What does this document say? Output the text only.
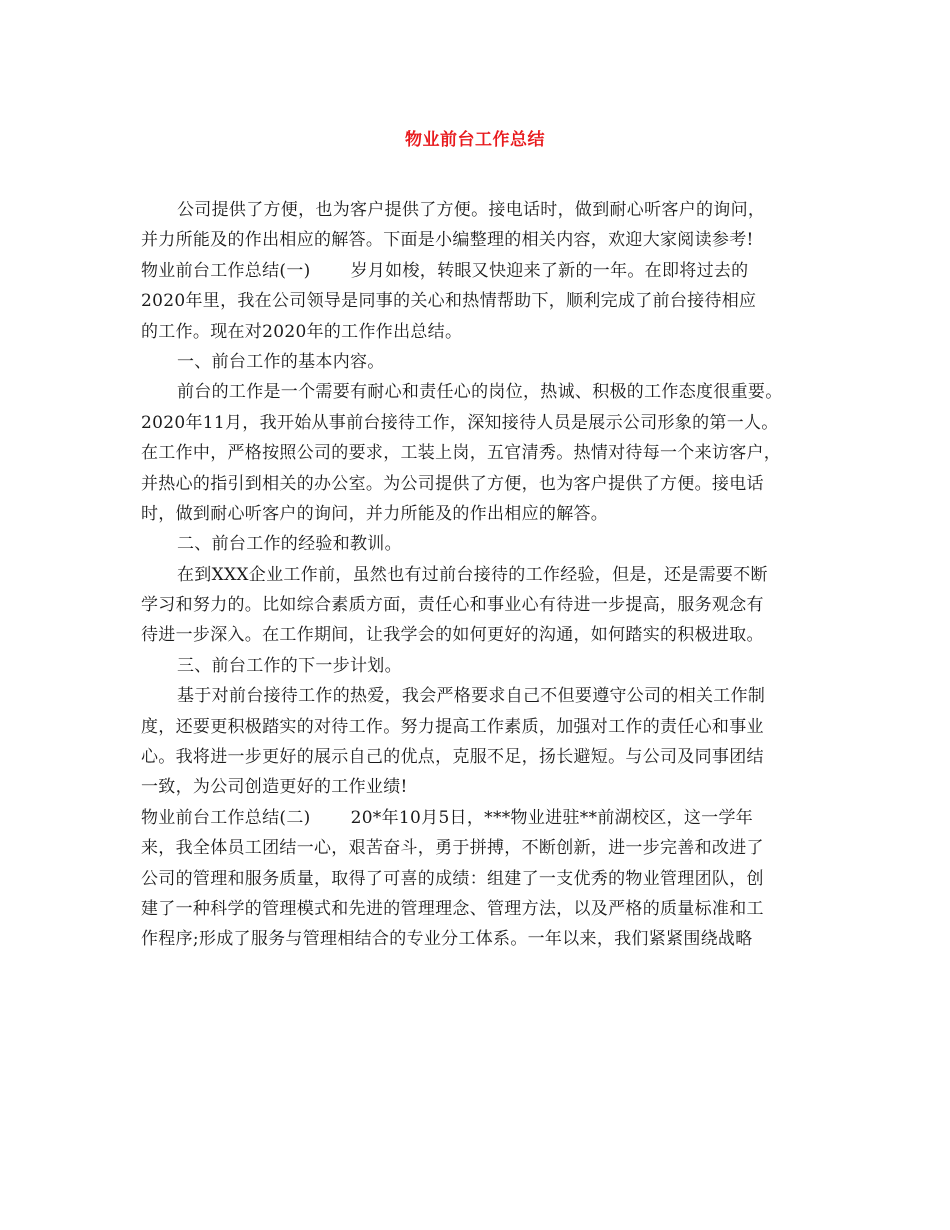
物业前台工作总结
公司提供了方便，也为客户提供了方便。接电话时，做到耐心听客户的询问，
并力所能及的作出相应的解答。下面是小编整理的相关内容，欢迎大家阅读参考!
物业前台工作总结(一) 岁月如梭，转眼又快迎来了新的一年。在即将过去的
2020年里，我在公司领导是同事的关心和热情帮助下，顺利完成了前台接待相应
的工作。现在对2020年的工作作出总结。
一、前台工作的基本内容。
前台的工作是一个需要有耐心和责任心的岗位，热诚、积极的工作态度很重要。
2020年11月，我开始从事前台接待工作，深知接待人员是展示公司形象的第一人。
在工作中，严格按照公司的要求，工装上岗，五官清秀。热情对待每一个来访客户，
并热心的指引到相关的办公室。为公司提供了方便，也为客户提供了方便。接电话
时，做到耐心听客户的询问，并力所能及的作出相应的解答。
二、前台工作的经验和教训。
在到XXX企业工作前，虽然也有过前台接待的工作经验，但是，还是需要不断
学习和努力的。比如综合素质方面，责任心和事业心有待进一步提高，服务观念有
待进一步深入。在工作期间，让我学会的如何更好的沟通，如何踏实的积极进取。
三、前台工作的下一步计划。
基于对前台接待工作的热爱，我会严格要求自己不但要遵守公司的相关工作制
度，还要更积极踏实的对待工作。努力提高工作素质，加强对工作的责任心和事业
心。我将进一步更好的展示自己的优点，克服不足，扬长避短。与公司及同事团结
一致，为公司创造更好的工作业绩!
物业前台工作总结(二) 20*年10月5日，***物业进驻**前湖校区，这一学年
来，我全体员工团结一心，艰苦奋斗，勇于拼搏，不断创新，进一步完善和改进了
公司的管理和服务质量，取得了可喜的成绩：组建了一支优秀的物业管理团队，创
建了一种科学的管理模式和先进的管理理念、管理方法，以及严格的质量标准和工
作程序;形成了服务与管理相结合的专业分工体系。一年以来，我们紧紧围绕战略
